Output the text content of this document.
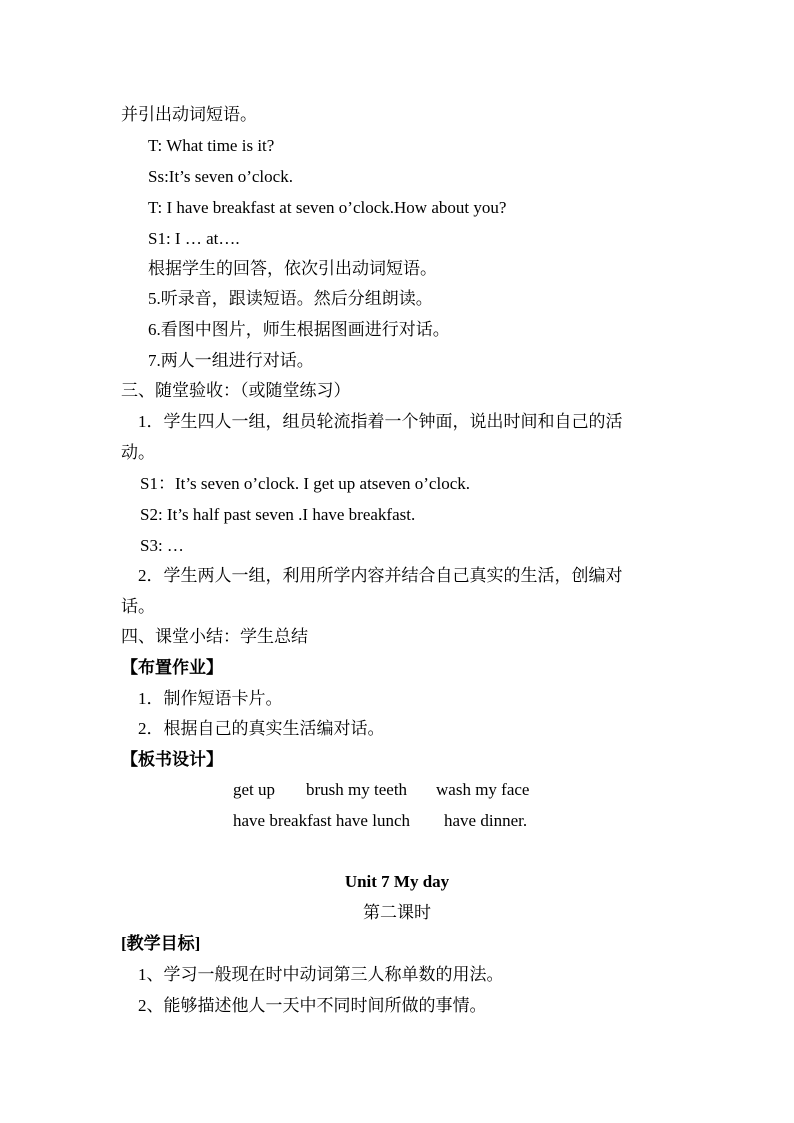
并引出动词短语。
T: What time is it?
Ss:It’s seven o’clock.
T: I have breakfast at seven o’clock.How about you?
S1: I … at….
根据学生的回答，依次引出动词短语。
5.听录音，跟读短语。然后分组朗读。
6.看图中图片，师生根据图画进行对话。
7.两人一组进行对话。
三、随堂验收：（或随堂练习）
1．学生四人一组，组员轮流指着一个钟面，说出时间和自己的活
动。
S1：It’s seven o’clock. I get up atseven o’clock.
S2: It’s half past seven .I have breakfast.
S3: …
2．学生两人一组，利用所学内容并结合自己真实的生活，创编对
话。
四、课堂小结：学生总结
【布置作业】
1．制作短语卡片。
2．根据自己的真实生活编对话。
【板书设计】
get up brush my teeth wash my face
have breakfast have lunch have dinner.
Unit 7 My day
第二课时
[教学目标]
1、学习一般现在时中动词第三人称单数的用法。
2、能够描述他人一天中不同时间所做的事情。
